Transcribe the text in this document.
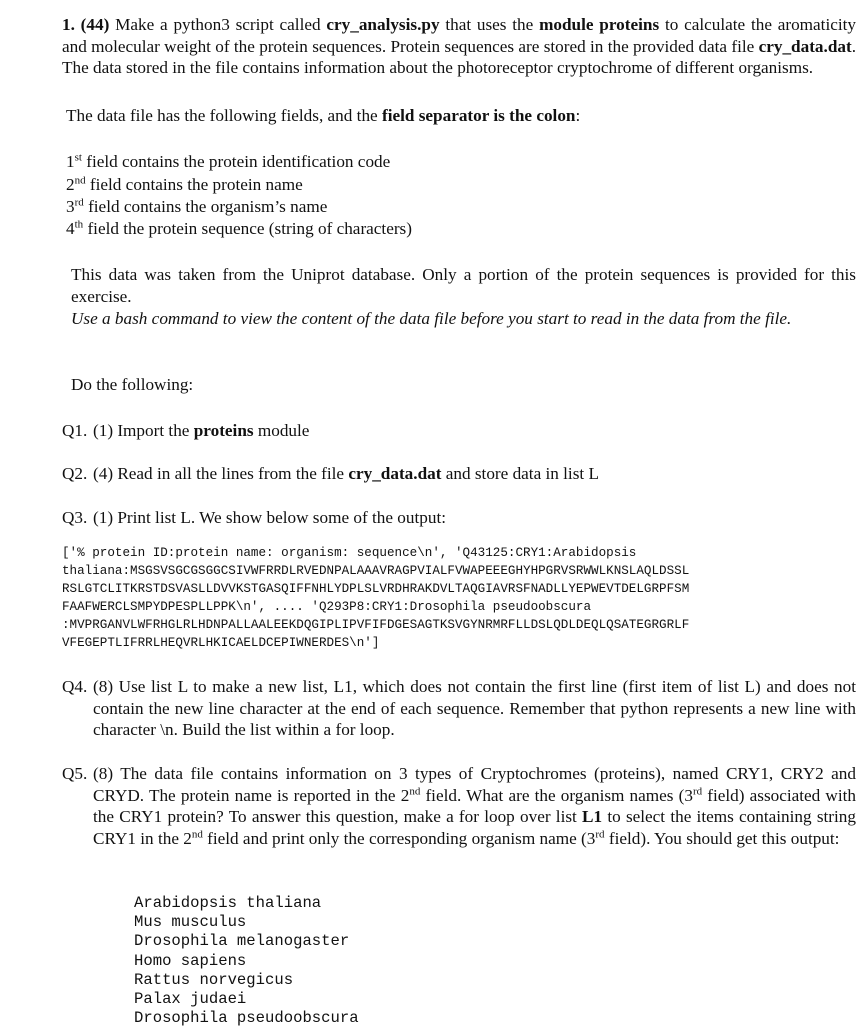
1. (44) Make a python3 script called cry_analysis.py that uses the module proteins to calculate the aromaticity and molecular weight of the protein sequences. Protein sequences are stored in the provided data file cry_data.dat. The data stored in the file contains information about the photoreceptor cryptochrome of different organisms.

The data file has the following fields, and the field separator is the colon:

1st field contains the protein identification code

2nd field contains the protein name

3rd field contains the organism’s name

4th field the protein sequence (string of characters)

This data was taken from the Uniprot database. Only a portion of the protein sequences is provided for this exercise.

Use a bash command to view the content of the data file before you start to read in the data from the file.

Do the following:

Q1. (1) Import the proteins module
Q2. (4) Read in all the lines from the file cry_data.dat and store data in list L
Q3. (1) Print list L. We show below some of the output:

['% protein ID:protein name: organism: sequence\n', 'Q43125:CRY1:Arabidopsis

thaliana:MSGSVSGCGSGGCSIVWFRRDLRVEDNPALAAAVRAGPVIALFVWAPEEEGHYHPGRVSRWWLKNSLAQLDSSL

RSLGTCLITKRSTDSVASLLDVVKSTGASQIFFNHLYDPLSLVRDHRAKDVLTAQGIAVRSFNADLLYEPWEVTDELGRPFSM

FAAFWERCLSMPYDPESPLLPPK\n', .... 'Q293P8:CRY1:Drosophila pseudoobscura

:MVPRGANVLWFRHGLRLHDNPALLAALEEKDQGIPLIPVFIFDGESAGTKSVGYNRMRFLLDSLQDLDEQLQSATEGRGRLF

VFEGEPTLIFRRLHEQVRLHKICAELDCEPIWNERDES\n']

Q4. (8) Use list L to make a new list, L1, which does not contain the first line (first item of list L) and does not contain the new line character at the end of each sequence. Remember that python represents a new line with character \n. Build the list within a for loop.
Q5. (8) The data file contains information on 3 types of Cryptochromes (proteins), named CRY1, CRY2 and CRYD. The protein name is reported in the 2nd field. What are the organism names (3rd field) associated with the CRY1 protein? To answer this question, make a for loop over list L1 to select the items containing string CRY1 in the 2nd field and print only the corresponding organism name (3rd field). You should get this output:

Arabidopsis thaliana

Mus musculus

Drosophila melanogaster

Homo sapiens

Rattus norvegicus

Palax judaei

Drosophila pseudoobscura
